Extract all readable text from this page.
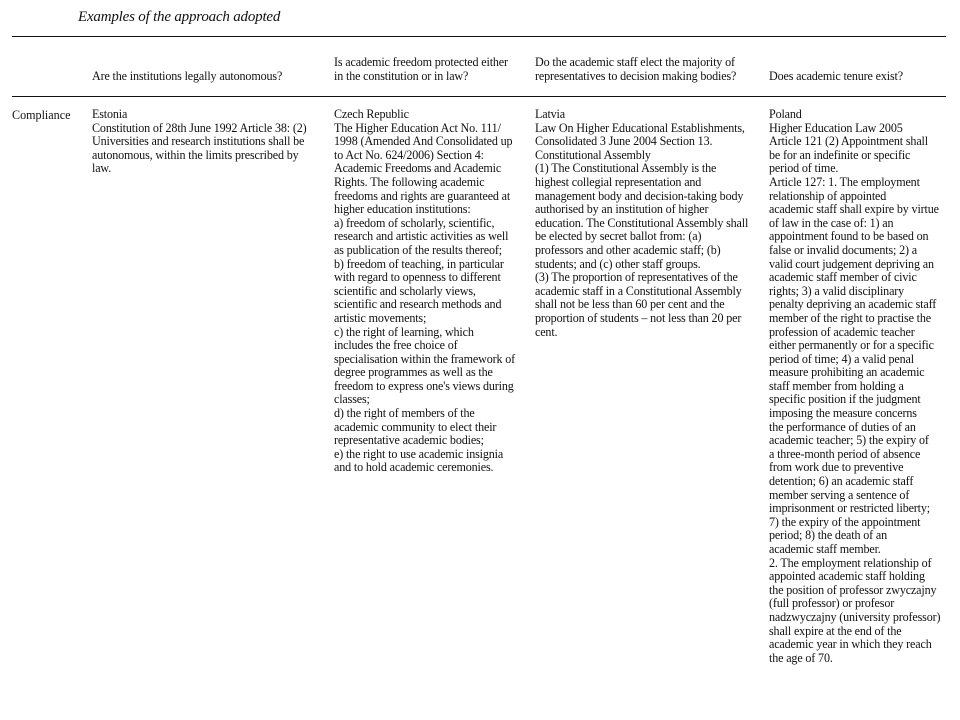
Examples of the approach adopted
Are the institutions legally autonomous?
Is academic freedom protected either
in the constitution or in law?
Do the academic staff elect the majority of
representatives to decision making bodies?	Does academic tenure exist?
Compliance Estonia
Constitution of 28th June 1992 Article 38: (2)
Universities and research institutions shall be
autonomous, within the limits prescribed by
law.
Czech Republic
The Higher Education Act No. 111/
1998 (Amended And Consolidated up
to Act No. 624/2006) Section 4:
Academic Freedoms and Academic
Rights. The following academic
freedoms and rights are guaranteed at
higher education institutions:
a) freedom of scholarly, scientific,
research and artistic activities as well
as publication of the results thereof;
b) freedom of teaching, in particular
with regard to openness to different
scientific and scholarly views,
scientific and research methods and
artistic movements;
c) the right of learning, which
includes the free choice of
specialisation within the framework of
degree programmes as well as the
freedom to express one's views during
classes;
d) the right of members of the
academic community to elect their
representative academic bodies;
e) the right to use academic insignia
and to hold academic ceremonies.
Latvia
Law On Higher Educational Establishments,
Consolidated 3 June 2004 Section 13.
Constitutional Assembly
(1) The Constitutional Assembly is the
highest collegial representation and
management body and decision-taking body
authorised by an institution of higher
education. The Constitutional Assembly shall
be elected by secret ballot from: (a)
professors and other academic staff; (b)
students; and (c) other staff groups.
(3) The proportion of representatives of the
academic staff in a Constitutional Assembly
shall not be less than 60 per cent and the
proportion of students – not less than 20 per
cent.
Poland
Higher Education Law 2005
Article 121 (2) Appointment shall
be for an indefinite or specific
period of time.
Article 127: 1. The employment
relationship of appointed
academic staff shall expire by virtue
of law in the case of: 1) an
appointment found to be based on
false or invalid documents; 2) a
valid court judgement depriving an
academic staff member of civic
rights; 3) a valid disciplinary
penalty depriving an academic staff
member of the right to practise the
profession of academic teacher
either permanently or for a specific
period of time; 4) a valid penal
measure prohibiting an academic
staff member from holding a
specific position if the judgment
imposing the measure concerns
the performance of duties of an
academic teacher; 5) the expiry of
a three-month period of absence
from work due to preventive
detention; 6) an academic staff
member serving a sentence of
imprisonment or restricted liberty;
7) the expiry of the appointment
period; 8) the death of an
academic staff member.
2. The employment relationship of
appointed academic staff holding
the position of professor zwyczajny
(full professor) or profesor
nadzwyczajny (university professor)
shall expire at the end of the
academic year in which they reach
the age of 70.
